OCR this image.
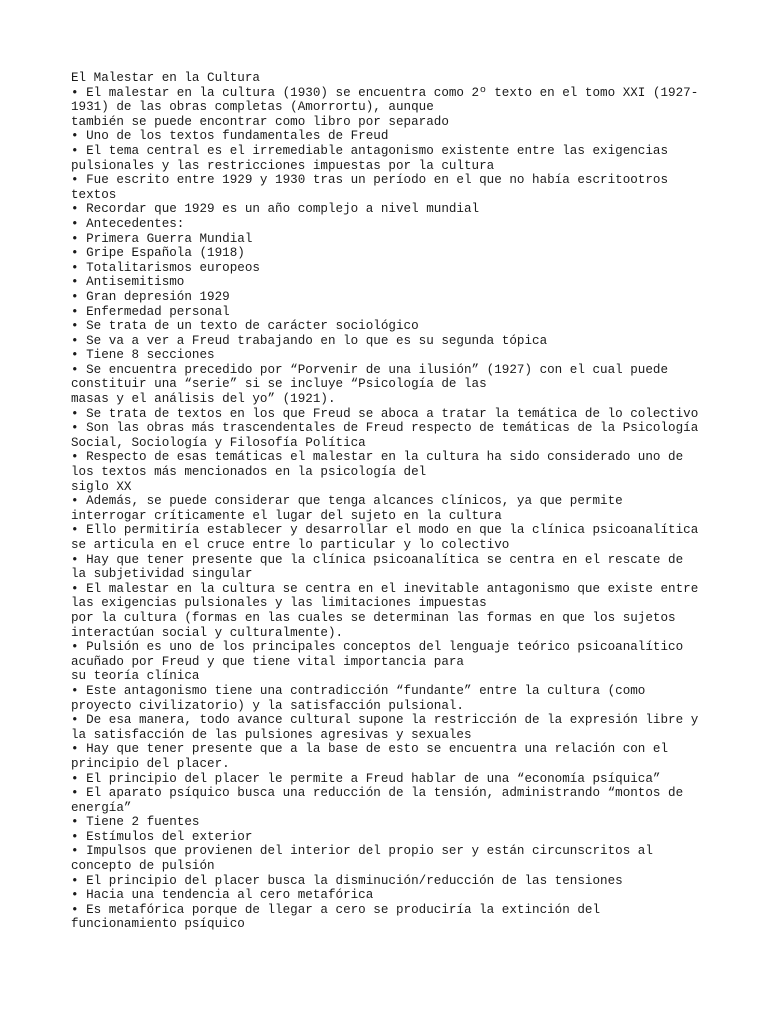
El Malestar en la Cultura
• El malestar en la cultura (1930) se encuentra como 2º texto en el tomo XXI (1927-
1931) de las obras completas (Amorrortu), aunque
también se puede encontrar como libro por separado
• Uno de los textos fundamentales de Freud
• El tema central es el irremediable antagonismo existente entre las exigencias
pulsionales y las restricciones impuestas por la cultura
• Fue escrito entre 1929 y 1930 tras un período en el que no había escritootros
textos
• Recordar que 1929 es un año complejo a nivel mundial
• Antecedentes:
• Primera Guerra Mundial
• Gripe Española (1918)
• Totalitarismos europeos
• Antisemitismo
• Gran depresión 1929
• Enfermedad personal
• Se trata de un texto de carácter sociológico
• Se va a ver a Freud trabajando en lo que es su segunda tópica
• Tiene 8 secciones
• Se encuentra precedido por “Porvenir de una ilusión” (1927) con el cual puede
constituir una “serie” si se incluye “Psicología de las
masas y el análisis del yo” (1921).
• Se trata de textos en los que Freud se aboca a tratar la temática de lo colectivo
• Son las obras más trascendentales de Freud respecto de temáticas de la Psicología
Social, Sociología y Filosofía Política
• Respecto de esas temáticas el malestar en la cultura ha sido considerado uno de
los textos más mencionados en la psicología del
siglo XX
• Además, se puede considerar que tenga alcances clínicos, ya que permite
interrogar críticamente el lugar del sujeto en la cultura
• Ello permitiría establecer y desarrollar el modo en que la clínica psicoanalítica
se articula en el cruce entre lo particular y lo colectivo
• Hay que tener presente que la clínica psicoanalítica se centra en el rescate de
la subjetividad singular
• El malestar en la cultura se centra en el inevitable antagonismo que existe entre
las exigencias pulsionales y las limitaciones impuestas
por la cultura (formas en las cuales se determinan las formas en que los sujetos
interactúan social y culturalmente).
• Pulsión es uno de los principales conceptos del lenguaje teórico psicoanalítico
acuñado por Freud y que tiene vital importancia para
su teoría clínica
• Este antagonismo tiene una contradicción “fundante” entre la cultura (como
proyecto civilizatorio) y la satisfacción pulsional.
• De esa manera, todo avance cultural supone la restricción de la expresión libre y
la satisfacción de las pulsiones agresivas y sexuales
• Hay que tener presente que a la base de esto se encuentra una relación con el
principio del placer.
• El principio del placer le permite a Freud hablar de una “economía psíquica”
• El aparato psíquico busca una reducción de la tensión, administrando “montos de
energía”
• Tiene 2 fuentes
• Estímulos del exterior
• Impulsos que provienen del interior del propio ser y están circunscritos al
concepto de pulsión
• El principio del placer busca la disminución/reducción de las tensiones
• Hacia una tendencia al cero metafórica
• Es metafórica porque de llegar a cero se produciría la extinción del
funcionamiento psíquico
